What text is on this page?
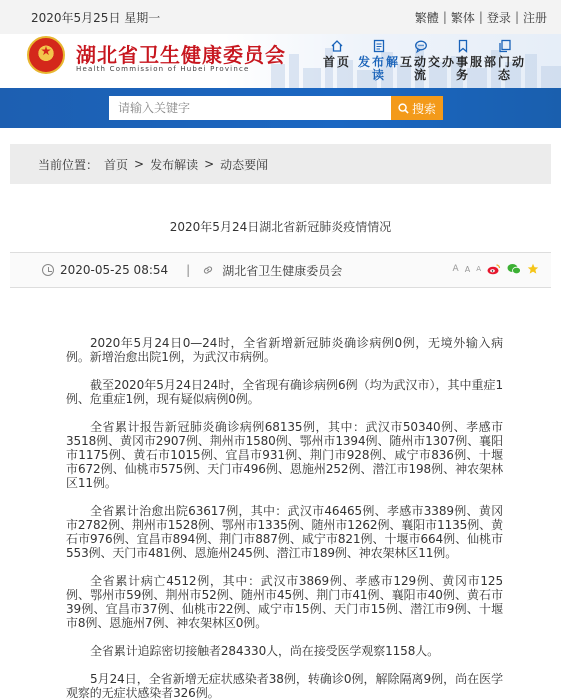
2020年5月25日 星期一	繁體 | 繁体 | 登录 | 注册
湖北省卫生健康委员会
Health Commission of Hubei Province	首页 发布解读
互动交流
办事服务
部门动态
请输入关键字
搜索
当前位置： 首页 > 发布解读 > 动态要闻
2020年5月24日湖北省新冠肺炎疫情情况
2020-05-25 08:54 |	湖北省卫生健康委员会	A A A

2020年5月24日0—24时，全省新增新冠肺炎确诊病例0例，无境外输入病例。新增治愈出院1例，为武汉市病例。

截至2020年5月24日24时，全省现有确诊病例6例（均为武汉市），其中重症1例、危重症1例，现有疑似病例0例。

全省累计报告新冠肺炎确诊病例68135例，其中：武汉市50340例、孝感市3518例、黄冈市2907例、荆州市1580例、鄂州市1394例、随州市1307例、襄阳市1175例、黄石市1015例、宜昌市931例、荆门市928例、咸宁市836例、十堰市672例、仙桃市575例、天门市496例、恩施州252例、潜江市198例、神农架林区11例。

全省累计治愈出院63617例，其中：武汉市46465例、孝感市3389例、黄冈市2782例、荆州市1528例、鄂州市1335例、随州市1262例、襄阳市1135例、黄石市976例、宜昌市894例、荆门市887例、咸宁市821例、十堰市664例、仙桃市553例、天门市481例、恩施州245例、潜江市189例、神农架林区11例。

全省累计病亡4512例，其中：武汉市3869例、孝感市129例、黄冈市125例、鄂州市59例、荆州市52例、随州市45例、荆门市41例、襄阳市40例、黄石市39例、宜昌市37例、仙桃市22例、咸宁市15例、天门市15例、潜江市9例、十堰市8例、恩施州7例、神农架林区0例。

全省累计追踪密切接触者284330人，尚在接受医学观察1158人。

5月24日，全省新增无症状感染者38例，转确诊0例，解除隔离9例，尚在医学观察的无症状感染者326例。
